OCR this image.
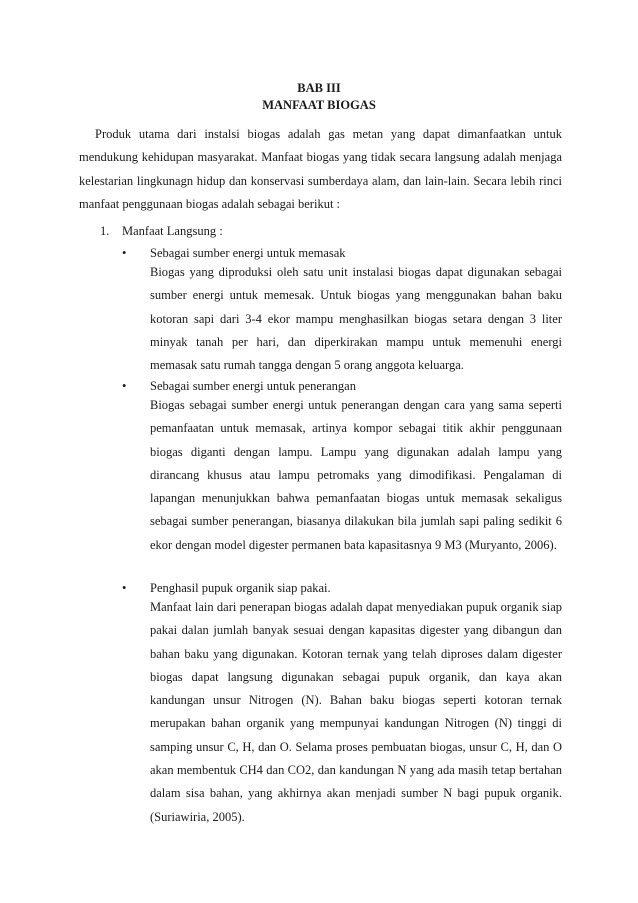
BAB III
MANFAAT BIOGAS

Produk utama dari instalsi biogas adalah gas metan yang dapat dimanfaatkan untuk mendukung kehidupan masyarakat. Manfaat biogas yang tidak secara langsung adalah menjaga kelestarian lingkunagn hidup dan konservasi sumberdaya alam, dan lain-lain. Secara lebih rinci manfaat penggunaan biogas adalah sebagai berikut :

1. Manfaat Langsung :
• Sebagai sumber energi untuk memasak

Biogas yang diproduksi oleh satu unit instalasi biogas dapat digunakan sebagai sumber energi untuk memesak. Untuk biogas yang menggunakan bahan baku kotoran sapi dari 3-4 ekor mampu menghasilkan biogas setara dengan 3 liter minyak tanah per hari, dan diperkirakan mampu untuk memenuhi energi memasak satu rumah tangga dengan 5 orang anggota keluarga.

• Sebagai sumber energi untuk penerangan

Biogas sebagai sumber energi untuk penerangan dengan cara yang sama seperti pemanfaatan untuk memasak, artinya kompor sebagai titik akhir penggunaan biogas diganti dengan lampu. Lampu yang digunakan adalah lampu yang dirancang khusus atau lampu petromaks yang dimodifikasi. Pengalaman di lapangan menunjukkan bahwa pemanfaatan biogas untuk memasak sekaligus sebagai sumber penerangan, biasanya dilakukan bila jumlah sapi paling sedikit 6 ekor dengan model digester permanen bata kapasitasnya 9 M3 (Muryanto, 2006).

• Penghasil pupuk organik siap pakai.

Manfaat lain dari penerapan biogas adalah dapat menyediakan pupuk organik siap pakai dalan jumlah banyak sesuai dengan kapasitas digester yang dibangun dan bahan baku yang digunakan. Kotoran ternak yang telah diproses dalam digester biogas dapat langsung digunakan sebagai pupuk organik, dan kaya akan kandungan unsur Nitrogen (N). Bahan baku biogas seperti kotoran ternak merupakan bahan organik yang mempunyai kandungan Nitrogen (N) tinggi di samping unsur C, H, dan O. Selama proses pembuatan biogas, unsur C, H, dan O akan membentuk CH4 dan CO2, dan kandungan N yang ada masih tetap bertahan dalam sisa bahan, yang akhirnya akan menjadi sumber N bagi pupuk organik. (Suriawiria, 2005).
